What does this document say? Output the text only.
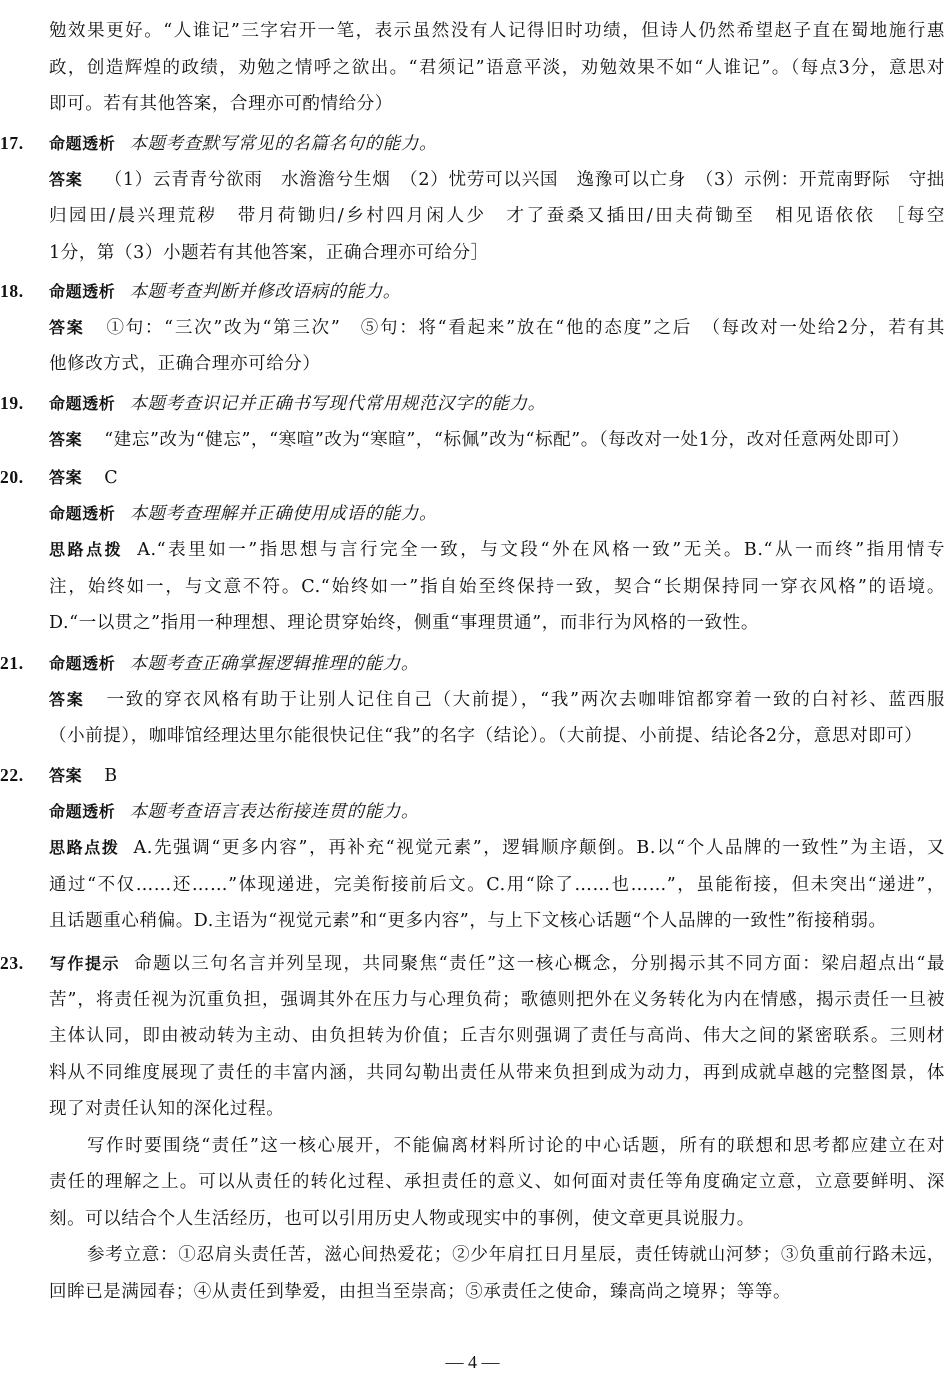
勉效果更好。“人谁记”三字宕开一笔，表示虽然没有人记得旧时功绩，但诗人仍然希望赵子直在蜀地施行惠
政，创造辉煌的政绩，劝勉之情呼之欲出。“君须记”语意平淡，劝勉效果不如“人谁记”。（每点3分，意思对
即可。若有其他答案，合理亦可酌情给分）
17. 命题透析 本题考查默写常见的名篇名句的能力。
答案 （1）云青青兮欲雨　水澹澹兮生烟　（2）忧劳可以兴国　逸豫可以亡身　（3）示例：开荒南野际　守拙
归园田/晨兴理荒秽　带月荷锄归/乡村四月闲人少　才了蚕桑又插田/田夫荷锄至　相见语依依　［每空
1分，第（3）小题若有其他答案，正确合理亦可给分］
18. 命题透析 本题考查判断并修改语病的能力。
答案 ①句：“三次”改为“第三次”　⑤句：将“看起来”放在“他的态度”之后　（每改对一处给2分，若有其
他修改方式，正确合理亦可给分）
19. 命题透析 本题考查识记并正确书写现代常用规范汉字的能力。
答案 “建忘”改为“健忘”，“寒喧”改为“寒暄”，“标佩”改为“标配”。（每改对一处1分，改对任意两处即可）
20. 答案 C
命题透析 本题考查理解并正确使用成语的能力。
思路点拨 A.“表里如一”指思想与言行完全一致，与文段“外在风格一致”无关。B.“从一而终”指用情专
注，始终如一，与文意不符。C.“始终如一”指自始至终保持一致，契合“长期保持同一穿衣风格”的语境。
D.“一以贯之”指用一种理想、理论贯穿始终，侧重“事理贯通”，而非行为风格的一致性。
21. 命题透析 本题考查正确掌握逻辑推理的能力。
答案 一致的穿衣风格有助于让别人记住自己（大前提），“我”两次去咖啡馆都穿着一致的白衬衫、蓝西服
（小前提），咖啡馆经理达里尔能很快记住“我”的名字（结论）。（大前提、小前提、结论各2分，意思对即可）
22. 答案 B
命题透析 本题考查语言表达衔接连贯的能力。
思路点拨 A.先强调“更多内容”，再补充“视觉元素”，逻辑顺序颠倒。B.以“个人品牌的一致性”为主语，又
通过“不仅……还……”体现递进，完美衔接前后文。C.用“除了……也……”，虽能衔接，但未突出“递进”，
且话题重心稍偏。D.主语为“视觉元素”和“更多内容”，与上下文核心话题“个人品牌的一致性”衔接稍弱。
23. 写作提示 命题以三句名言并列呈现，共同聚焦“责任”这一核心概念，分别揭示其不同方面：梁启超点出“最
苦”，将责任视为沉重负担，强调其外在压力与心理负荷；歌德则把外在义务转化为内在情感，揭示责任一旦被
主体认同，即由被动转为主动、由负担转为价值；丘吉尔则强调了责任与高尚、伟大之间的紧密联系。三则材
料从不同维度展现了责任的丰富内涵，共同勾勒出责任从带来负担到成为动力，再到成就卓越的完整图景，体
现了对责任认知的深化过程。
写作时要围绕“责任”这一核心展开，不能偏离材料所讨论的中心话题，所有的联想和思考都应建立在对
责任的理解之上。可以从责任的转化过程、承担责任的意义、如何面对责任等角度确定立意，立意要鲜明、深
刻。可以结合个人生活经历，也可以引用历史人物或现实中的事例，使文章更具说服力。
参考立意：①忍肩头责任苦，滋心间热爱花；②少年肩扛日月星辰，责任铸就山河梦；③负重前行路未远，
回眸已是满园春；④从责任到挚爱，由担当至崇高；⑤承责任之使命，臻高尚之境界；等等。
— 4 —
